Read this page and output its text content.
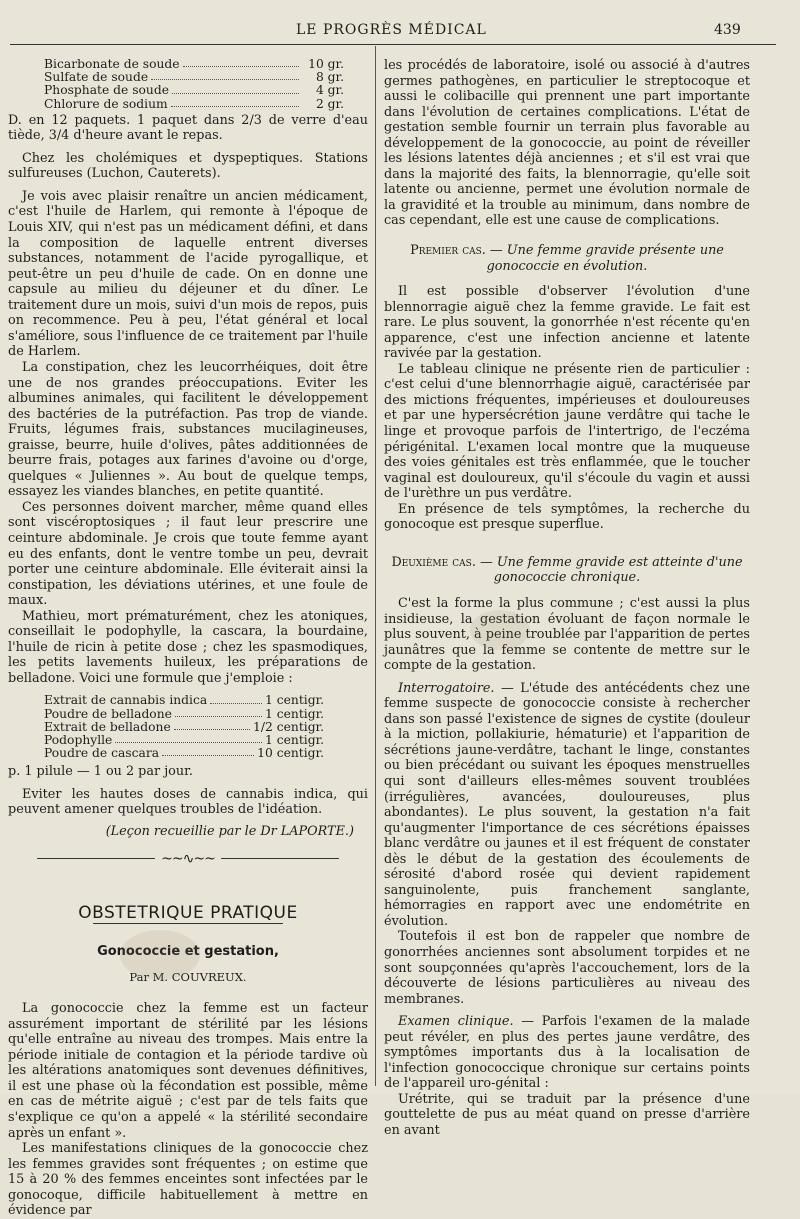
LE PROGRÈS MÉDICAL	439
Bicarbonate de soude	10 gr.
Sulfate de soude	8 gr.
Phosphate de soude	4 gr.
Chlorure de sodium	2 gr.

D. en 12 paquets. 1 paquet dans 2/3 de verre d'eau tiède, 3/4 d'heure avant le repas.

Chez les cholémiques et dyspeptiques. Stations sulfureuses (Luchon, Cauterets).

Je vois avec plaisir renaître un ancien médicament, c'est l'huile de Harlem, qui remonte à l'époque de Louis XIV, qui n'est pas un médicament défini, et dans la composition de laquelle entrent diverses substances, notamment de l'acide pyrogallique, et peut-être un peu d'huile de cade. On en donne une capsule au milieu du déjeuner et du dîner. Le traitement dure un mois, suivi d'un mois de repos, puis on recommence. Peu à peu, l'état général et local s'améliore, sous l'influence de ce traitement par l'huile de Harlem.

La constipation, chez les leucorrhéiques, doit être une de nos grandes préoccupations. Eviter les albumines animales, qui facilitent le développement des bactéries de la putréfaction. Pas trop de viande. Fruits, légumes frais, substances mucilagineuses, graisse, beurre, huile d'olives, pâtes additionnées de beurre frais, potages aux farines d'avoine ou d'orge, quelques « Juliennes ». Au bout de quelque temps, essayez les viandes blanches, en petite quantité.

Ces personnes doivent marcher, même quand elles sont viscéroptosiques ; il faut leur prescrire une ceinture abdominale. Je crois que toute femme ayant eu des enfants, dont le ventre tombe un peu, devrait porter une ceinture abdominale. Elle éviterait ainsi la constipation, les déviations utérines, et une foule de maux.

Mathieu, mort prématurément, chez les atoniques, conseillait le podophylle, la cascara, la bourdaine, l'huile de ricin à petite dose ; chez les spasmodiques, les petits lavements huileux, les préparations de belladone. Voici une formule que j'emploie :

Extrait de cannabis indica	1 centigr.
Poudre de belladone	1 centigr.
Extrait de belladone	1/2 centigr.
Podophylle	1 centigr.
Poudre de cascara	10 centigr.

p. 1 pilule — 1 ou 2 par jour.

Eviter les hautes doses de cannabis indica, qui peuvent amener quelques troubles de l'idéation.

(Leçon recueillie par le Dr LAPORTE.)

~~∿~~
OBSTETRIQUE PRATIQUE
Gonococcie et gestation,
Par M. COUVREUX.

La gonococcie chez la femme est un facteur assurément important de stérilité par les lésions qu'elle entraîne au niveau des trompes. Mais entre la période initiale de contagion et la période tardive où les altérations anatomiques sont devenues définitives, il est une phase où la fécondation est possible, même en cas de métrite aiguë ; c'est par de tels faits que s'explique ce qu'on a appelé « la stérilité secondaire après un enfant ».

Les manifestations cliniques de la gonococcie chez les femmes gravides sont fréquentes ; on estime que 15 à 20 % des femmes enceintes sont infectées par le gonocoque, difficile habituellement à mettre en évidence par

les procédés de laboratoire, isolé ou associé à d'autres germes pathogènes, en particulier le streptocoque et aussi le colibacille qui prennent une part importante dans l'évolution de certaines complications. L'état de gestation semble fournir un terrain plus favorable au développement de la gonococcie, au point de réveiller les lésions latentes déjà anciennes ; et s'il est vrai que dans la majorité des faits, la blennorragie, qu'elle soit latente ou ancienne, permet une évolution normale de la gravidité et la trouble au minimum, dans nombre de cas cependant, elle est une cause de complications.

Premier cas. — Une femme gravide présente une gonococcie en évolution.

Il est possible d'observer l'évolution d'une blennorragie aiguë chez la femme gravide. Le fait est rare. Le plus souvent, la gonorrhée n'est récente qu'en apparence, c'est une infection ancienne et latente ravivée par la gestation.

Le tableau clinique ne présente rien de particulier : c'est celui d'une blennorrhagie aiguë, caractérisée par des mictions fréquentes, impérieuses et douloureuses et par une hypersécrétion jaune verdâtre qui tache le linge et provoque parfois de l'intertrigo, de l'eczéma périgénital. L'examen local montre que la muqueuse des voies génitales est très enflammée, que le toucher vaginal est douloureux, qu'il s'écoule du vagin et aussi de l'urèthre un pus verdâtre.

En présence de tels symptômes, la recherche du gonocoque est presque superflue.

Deuxième cas. — Une femme gravide est atteinte d'une gonococcie chronique.

C'est la forme la plus commune ; c'est aussi la plus insidieuse, la gestation évoluant de façon normale le plus souvent, à peine troublée par l'apparition de pertes jaunâtres que la femme se contente de mettre sur le compte de la gestation.

Interrogatoire. — L'étude des antécédents chez une femme suspecte de gonococcie consiste à rechercher dans son passé l'existence de signes de cystite (douleur à la miction, pollakiurie, hématurie) et l'apparition de sécrétions jaune-verdâtre, tachant le linge, constantes ou bien précédant ou suivant les époques menstruelles qui sont d'ailleurs elles-mêmes souvent troublées (irrégulières, avancées, douloureuses, plus abondantes). Le plus souvent, la gestation n'a fait qu'augmenter l'importance de ces sécrétions épaisses blanc verdâtre ou jaunes et il est fréquent de constater dès le début de la gestation des écoulements de sérosité d'abord rosée qui devient rapidement sanguinolente, puis franchement sanglante, hémorragies en rapport avec une endométrite en évolution.

Toutefois il est bon de rappeler que nombre de gonorrhées anciennes sont absolument torpides et ne sont soupçonnées qu'après l'accouchement, lors de la découverte de lésions particulières au niveau des membranes.

Examen clinique. — Parfois l'examen de la malade peut révéler, en plus des pertes jaune verdâtre, des symptômes importants dus à la localisation de l'infection gonococcique chronique sur certains points de l'appareil uro-génital :

Urétrite, qui se traduit par la présence d'une gouttelette de pus au méat quand on presse d'arrière en avant
